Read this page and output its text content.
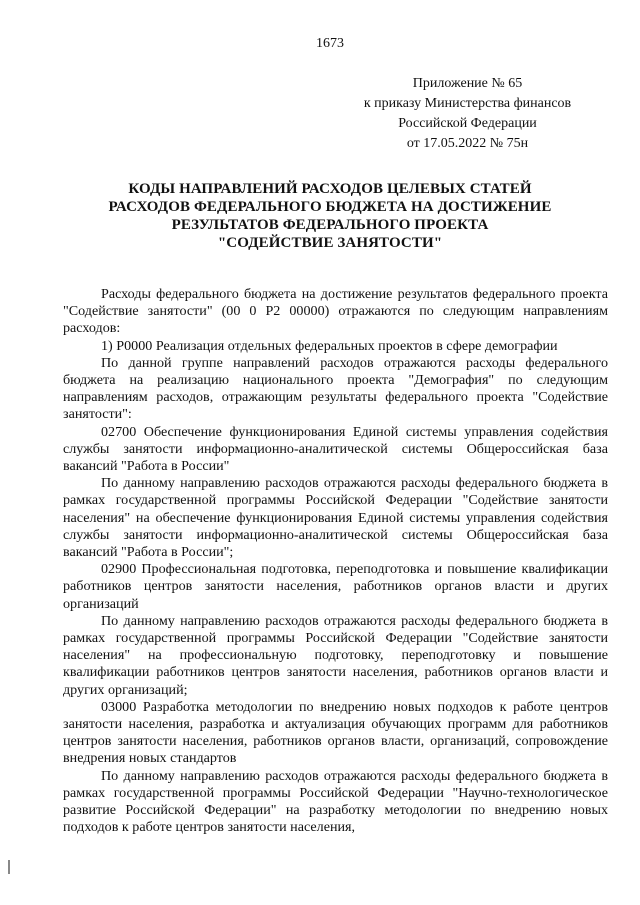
1673
Приложение № 65
к приказу Министерства финансов
Российской Федерации
от 17.05.2022 № 75н
КОДЫ НАПРАВЛЕНИЙ РАСХОДОВ ЦЕЛЕВЫХ СТАТЕЙ
РАСХОДОВ ФЕДЕРАЛЬНОГО БЮДЖЕТА НА ДОСТИЖЕНИЕ
РЕЗУЛЬТАТОВ ФЕДЕРАЛЬНОГО ПРОЕКТА
"СОДЕЙСТВИЕ ЗАНЯТОСТИ"

Расходы федерального бюджета на достижение результатов федерального проекта "Содействие занятости" (00 0 Р2 00000) отражаются по следующим направлениям расходов:

1) Р0000 Реализация отдельных федеральных проектов в сфере демографии

По данной группе направлений расходов отражаются расходы федерального бюджета на реализацию национального проекта "Демография" по следующим направлениям расходов, отражающим результаты федерального проекта "Содействие занятости":

02700 Обеспечение функционирования Единой системы управления содействия службы занятости информационно-аналитической системы Общероссийская база вакансий "Работа в России"

По данному направлению расходов отражаются расходы федерального бюджета в рамках государственной программы Российской Федерации "Содействие занятости населения" на обеспечение функционирования Единой системы управления содействия службы занятости информационно-аналитической системы Общероссийская база вакансий "Работа в России";

02900 Профессиональная подготовка, переподготовка и повышение квалификации работников центров занятости населения, работников органов власти и других организаций

По данному направлению расходов отражаются расходы федерального бюджета в рамках государственной программы Российской Федерации "Содействие занятости населения" на профессиональную подготовку, переподготовку и повышение квалификации работников центров занятости населения, работников органов власти и других организаций;

03000 Разработка методологии по внедрению новых подходов к работе центров занятости населения, разработка и актуализация обучающих программ для работников центров занятости населения, работников органов власти, организаций, сопровождение внедрения новых стандартов

По данному направлению расходов отражаются расходы федерального бюджета в рамках государственной программы Российской Федерации "Научно-технологическое развитие Российской Федерации" на разработку методологии по внедрению новых подходов к работе центров занятости населения,
